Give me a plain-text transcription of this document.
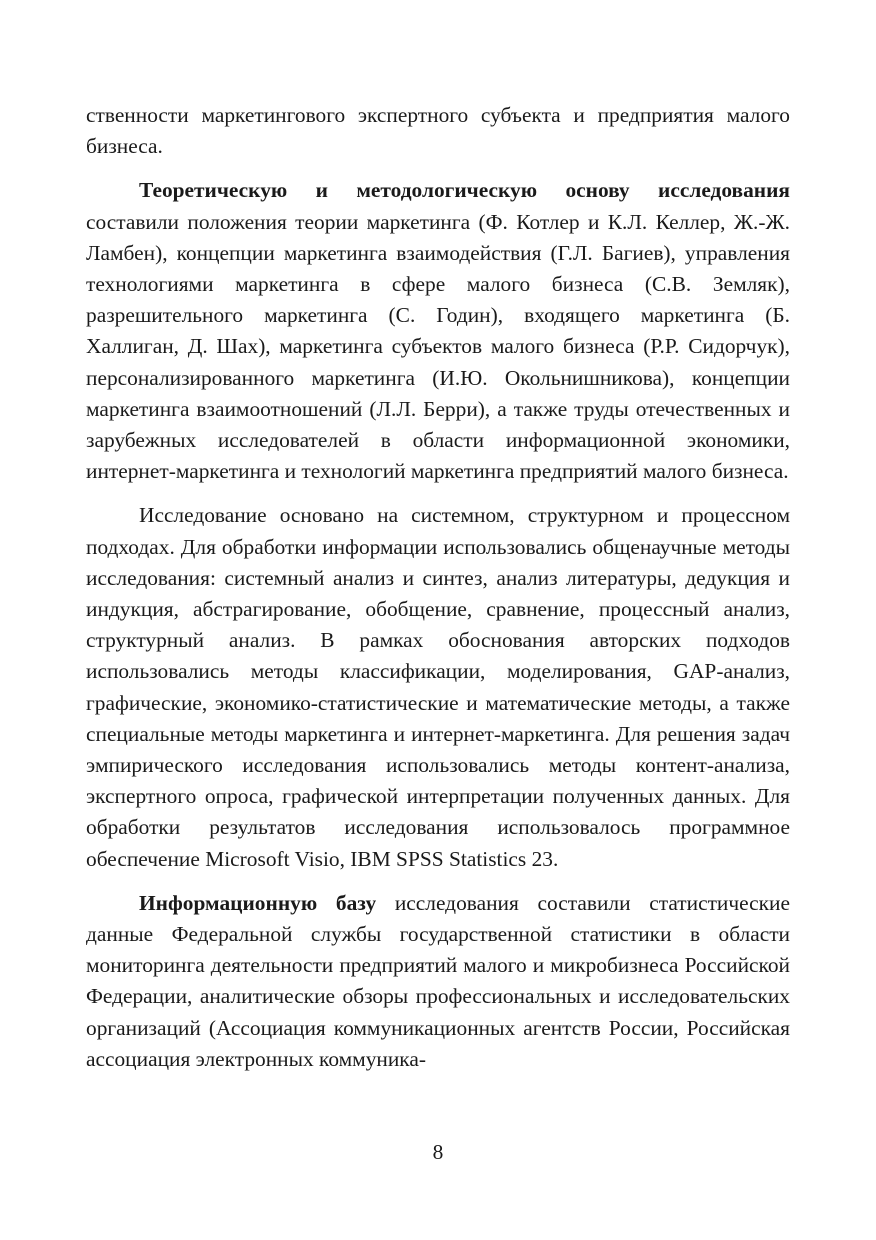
ственности маркетингового экспертного субъекта и предприятия малого бизнеса.

Теоретическую и методологическую основу исследования составили положения теории маркетинга (Ф. Котлер и К.Л. Келлер, Ж.-Ж. Ламбен), концепции маркетинга взаимодействия (Г.Л. Багиев), управления технологиями маркетинга в сфере малого бизнеса (С.В. Земляк), разрешительного маркетинга (С. Годин), входящего маркетинга (Б. Халлиган, Д. Шах), маркетинга субъектов малого бизнеса (Р.Р. Сидорчук), персонализированного маркетинга (И.Ю. Окольнишникова), концепции маркетинга взаимоотношений (Л.Л. Берри), а также труды отечественных и зарубежных исследователей в области информационной экономики, интернет-маркетинга и технологий маркетинга предприятий малого бизнеса.

Исследование основано на системном, структурном и процессном подходах. Для обработки информации использовались общенаучные методы исследования: системный анализ и синтез, анализ литературы, дедукция и индукция, абстрагирование, обобщение, сравнение, процессный анализ, структурный анализ. В рамках обоснования авторских подходов использовались методы классификации, моделирования, GAP-анализ, графические, экономико-статистические и математические методы, а также специальные методы маркетинга и интернет-маркетинга. Для решения задач эмпирического исследования использовались методы контент-анализа, экспертного опроса, графической интерпретации полученных данных. Для обработки результатов исследования использовалось программное обеспечение Microsoft Visio, IBM SPSS Statistics 23.

Информационную базу исследования составили статистические данные Федеральной службы государственной статистики в области мониторинга деятельности предприятий малого и микробизнеса Российской Федерации, аналитические обзоры профессиональных и исследовательских организаций (Ассоциация коммуникационных агентств России, Российская ассоциация электронных коммуника-

8
